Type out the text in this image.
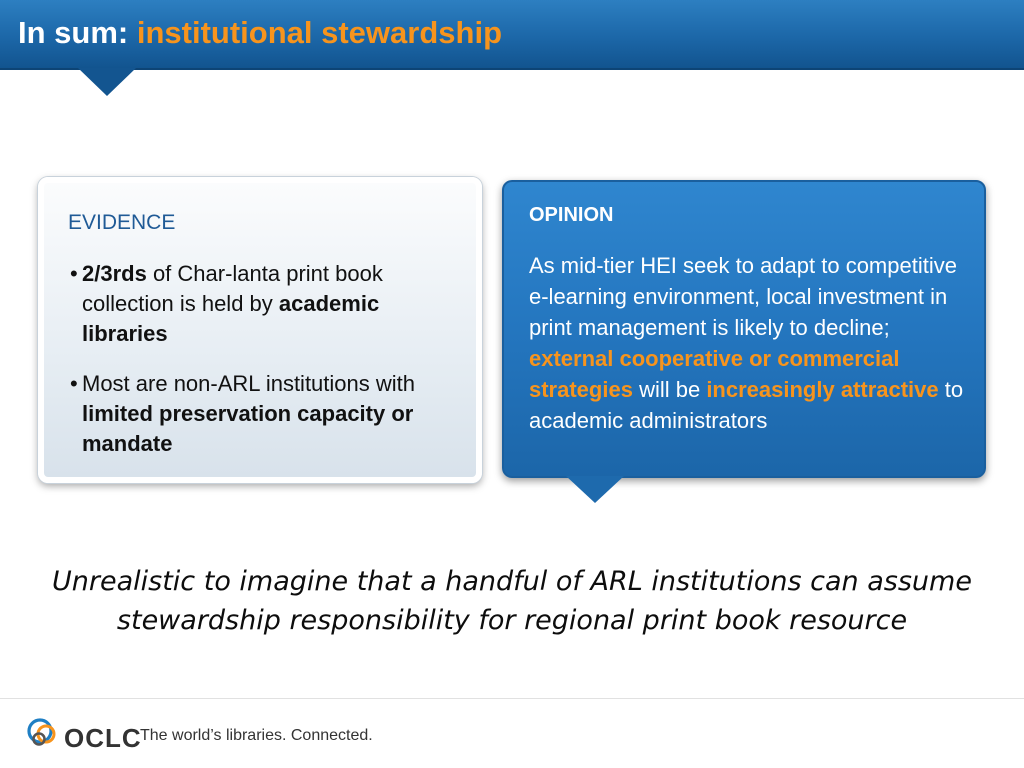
In sum: institutional stewardship
EVIDENCE
• 2/3rds of Char-lanta print book collection is held by academic libraries
• Most are non-ARL institutions with limited preservation capacity or mandate
OPINION

As mid-tier HEI seek to adapt to competitive e-learning environment, local investment in print management is likely to decline; external cooperative or commercial strategies will be increasingly attractive to academic administrators

Unrealistic to imagine that a handful of ARL institutions can assume stewardship responsibility for regional print book resource

OCLC
The world’s libraries. Connected.
